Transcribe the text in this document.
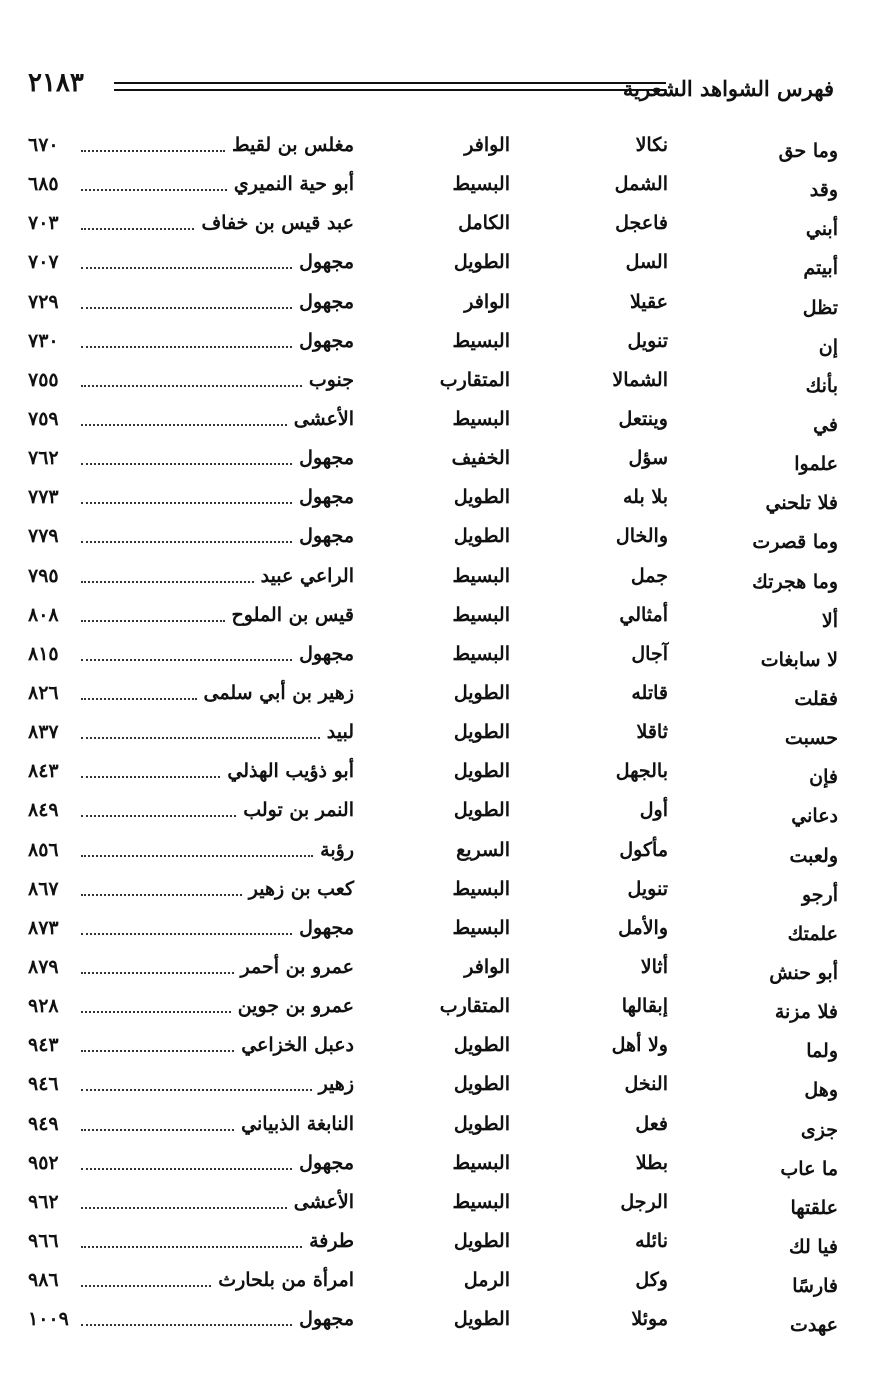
فهرس الشواهد الشعرية
٢١٨٣
وما حق
نكالا
الوافر
مغلس بن لقيط
٦٧٠
وقد
الشمل
البسيط
أبو حية النميري
٦٨٥
أبني
فاعجل
الكامل
عبد قيس بن خفاف
٧٠٣
أبيتم
السل
الطويل
مجهول
٧٠٧
تظل
عقيلا
الوافر
مجهول
٧٢٩
إن
تنويل
البسيط
مجهول
٧٣٠
بأنك
الشمالا
المتقارب
جنوب
٧٥٥
في
وينتعل
البسيط
الأعشى
٧٥٩
علموا
سؤل
الخفيف
مجهول
٧٦٢
فلا تلحني
بلا بله
الطويل
مجهول
٧٧٣
وما قصرت
والخال
الطويل
مجهول
٧٧٩
وما هجرتك
جمل
البسيط
الراعي عبيد
٧٩٥
ألا
أمثالي
البسيط
قيس بن الملوح
٨٠٨
لا سابغات
آجال
البسيط
مجهول
٨١٥
فقلت
قاتله
الطويل
زهير بن أبي سلمى
٨٢٦
حسبت
ثاقلا
الطويل
لبيد
٨٣٧
فإن
بالجهل
الطويل
أبو ذؤيب الهذلي
٨٤٣
دعاني
أول
الطويل
النمر بن تولب
٨٤٩
ولعبت
مأكول
السريع
رؤبة
٨٥٦
أرجو
تنويل
البسيط
كعب بن زهير
٨٦٧
علمتك
والأمل
البسيط
مجهول
٨٧٣
أبو حنش
أثالا
الوافر
عمرو بن أحمر
٨٧٩
فلا مزنة
إبقالها
المتقارب
عمرو بن جوين
٩٢٨
ولما
ولا أهل
الطويل
دعبل الخزاعي
٩٤٣
وهل
النخل
الطويل
زهير
٩٤٦
جزى
فعل
الطويل
النابغة الذبياني
٩٤٩
ما عاب
بطلا
البسيط
مجهول
٩٥٢
علقتها
الرجل
البسيط
الأعشى
٩٦٢
فيا لك
نائله
الطويل
طرفة
٩٦٦
فارسًا
وكل
الرمل
امرأة من بلحارث
٩٨٦
عهدت
موئلا
الطويل
مجهول
١٠٠٩
